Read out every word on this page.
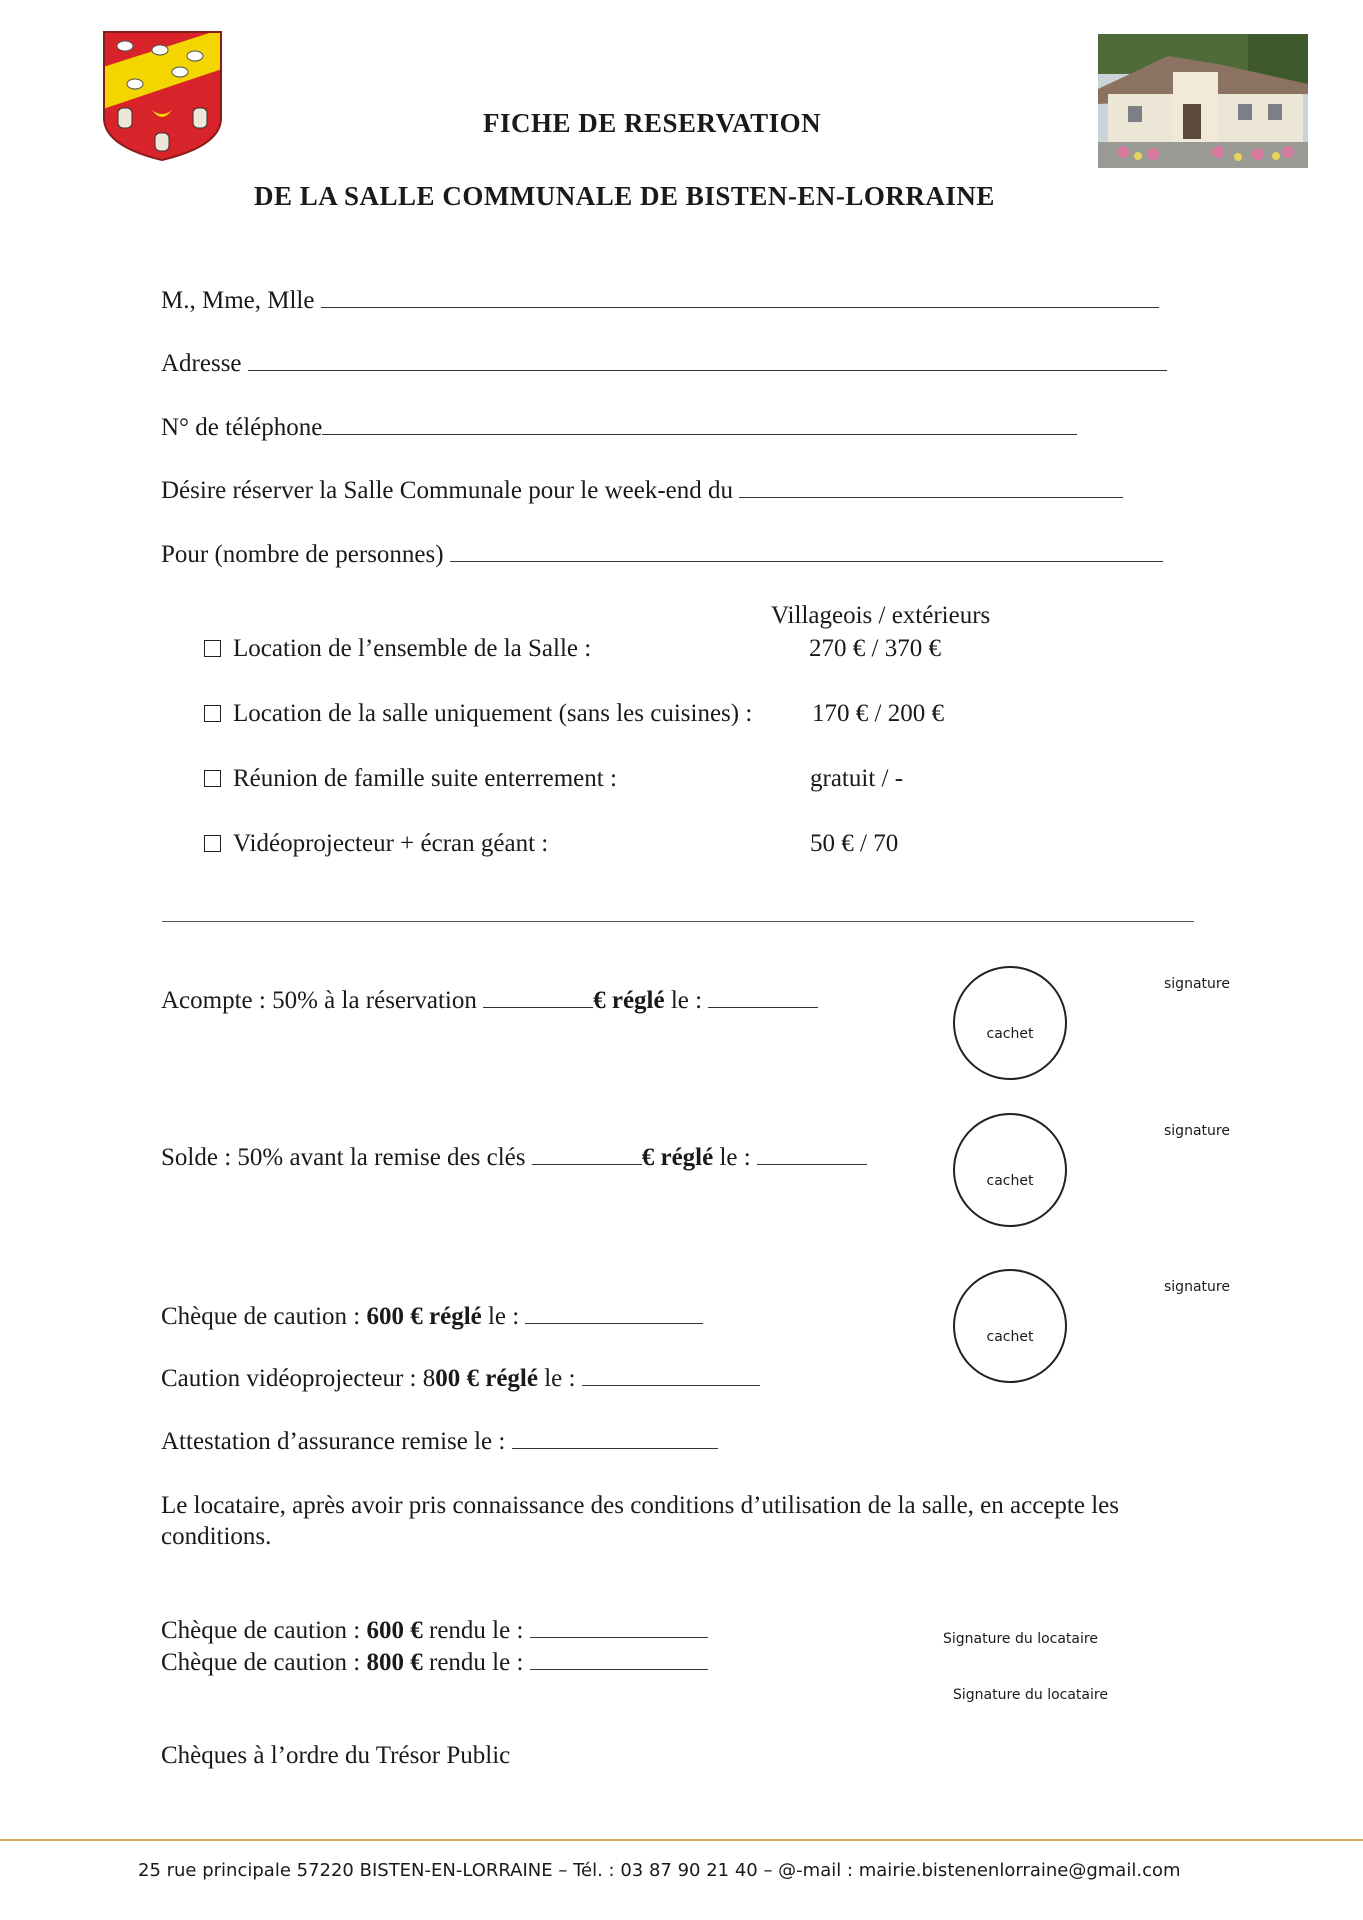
FICHE DE RESERVATION
DE LA SALLE COMMUNALE DE BISTEN-EN-LORRAINE
M., Mme, Mlle
Adresse
N° de téléphone
Désire réserver la Salle Communale pour le week-end du
Pour (nombre de personnes)
Villageois / extérieurs
Location de l’ensemble de la Salle :	270 € / 370 €
Location de la salle uniquement (sans les cuisines) : 170 € / 200 €
Réunion de famille suite enterrement :	gratuit / -
Vidéoprojecteur + écran géant :	50 € / 70
Acompte : 50% à la réservation	€ réglé le :
Solde : 50% avant la remise des clés	€ réglé le :
Chèque de caution : 600 € réglé le :
Caution vidéoprojecteur : 800 € réglé le :
Attestation d’assurance remise le :
cachet
cachet
cachet
signature
signature
signature
Le locataire, après avoir pris connaissance des conditions d’utilisation de la salle, en accepte les conditions.
Chèque de caution : 600 € rendu le :
Chèque de caution : 800 € rendu le :
Signature du locataire
Signature du locataire
Chèques à l’ordre du Trésor Public
25 rue principale 57220 BISTEN-EN-LORRAINE – Tél. : 03 87 90 21 40 – @-mail : mairie.bistenenlorraine@gmail.com
